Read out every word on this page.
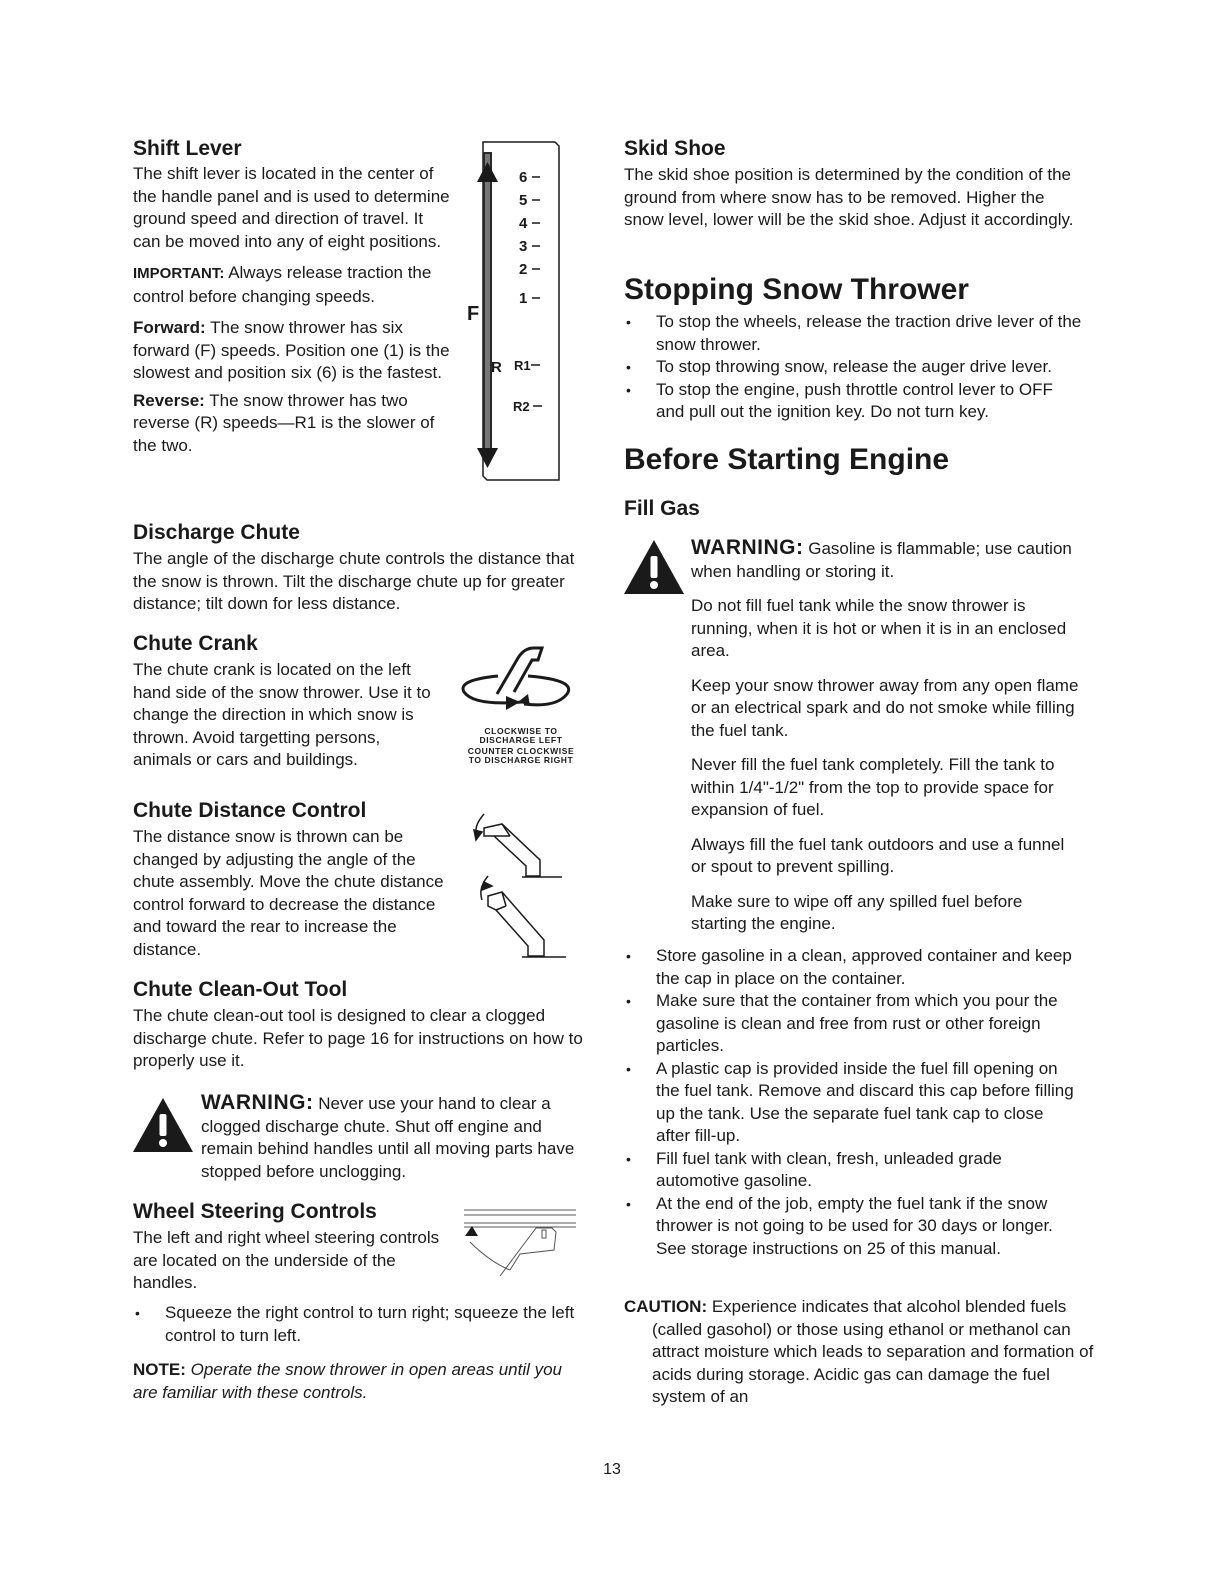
Shift Lever

The shift lever is located in the center of the handle panel and is used to determine ground speed and direction of travel. It can be moved into any of eight positions.

IMPORTANT: Always release traction the control before changing speeds.

Forward: The snow thrower has six forward (F) speeds. Position one (1) is the slowest and position six (6) is the fastest.

Reverse: The snow thrower has two reverse (R) speeds—R1 is the slower of the two.

6
5
4
3
2
1
F
R R1
R2
Discharge Chute

The angle of the discharge chute controls the distance that the snow is thrown. Tilt the discharge chute up for greater distance; tilt down for less distance.

Chute Crank

The chute crank is located on the left hand side of the snow thrower. Use it to change the direction in which snow is thrown. Avoid targetting persons, animals or cars and buildings.

CLOCKWISE TO
DISCHARGE LEFT
COUNTER CLOCKWISE
TO DISCHARGE RIGHT
Chute Distance Control

The distance snow is thrown can be changed by adjusting the angle of the chute assembly. Move the chute distance control forward to decrease the distance and toward the rear to increase the distance.

Chute Clean-Out Tool

The chute clean-out tool is designed to clear a clogged discharge chute. Refer to page 16 for instructions on how to properly use it.

WARNING: Never use your hand to clear a clogged discharge chute. Shut off engine and remain behind handles until all moving parts have stopped before unclogging.

Wheel Steering Controls

The left and right wheel steering controls are located on the underside of the handles.

• Squeeze the right control to turn right; squeeze the left control to turn left.

NOTE: Operate the snow thrower in open areas until you are familiar with these controls.

Skid Shoe

The skid shoe position is determined by the condition of the ground from where snow has to be removed. Higher the snow level, lower will be the skid shoe. Adjust it accordingly.

Stopping Snow Thrower
• To stop the wheels, release the traction drive lever of the snow thrower.
• To stop throwing snow, release the auger drive lever.
• To stop the engine, push throttle control lever to OFF and pull out the ignition key. Do not turn key.
Before Starting Engine
Fill Gas

WARNING: Gasoline is flammable; use caution when handling or storing it.

Do not fill fuel tank while the snow thrower is running, when it is hot or when it is in an enclosed area.

Keep your snow thrower away from any open flame or an electrical spark and do not smoke while filling the fuel tank.

Never fill the fuel tank completely. Fill the tank to within 1/4"-1/2" from the top to provide space for expansion of fuel.

Always fill the fuel tank outdoors and use a funnel or spout to prevent spilling.

Make sure to wipe off any spilled fuel before starting the engine.

• Store gasoline in a clean, approved container and keep the cap in place on the container.
• Make sure that the container from which you pour the gasoline is clean and free from rust or other foreign particles.
• A plastic cap is provided inside the fuel fill opening on the fuel tank. Remove and discard this cap before filling up the tank. Use the separate fuel tank cap to close after fill-up.
• Fill fuel tank with clean, fresh, unleaded grade automotive gasoline.
• At the end of the job, empty the fuel tank if the snow thrower is not going to be used for 30 days or longer. See storage instructions on 25 of this manual.

CAUTION: Experience indicates that alcohol blended fuels (called gasohol) or those using ethanol or methanol can attract moisture which leads to separation and formation of acids during storage. Acidic gas can damage the fuel system of an

13
